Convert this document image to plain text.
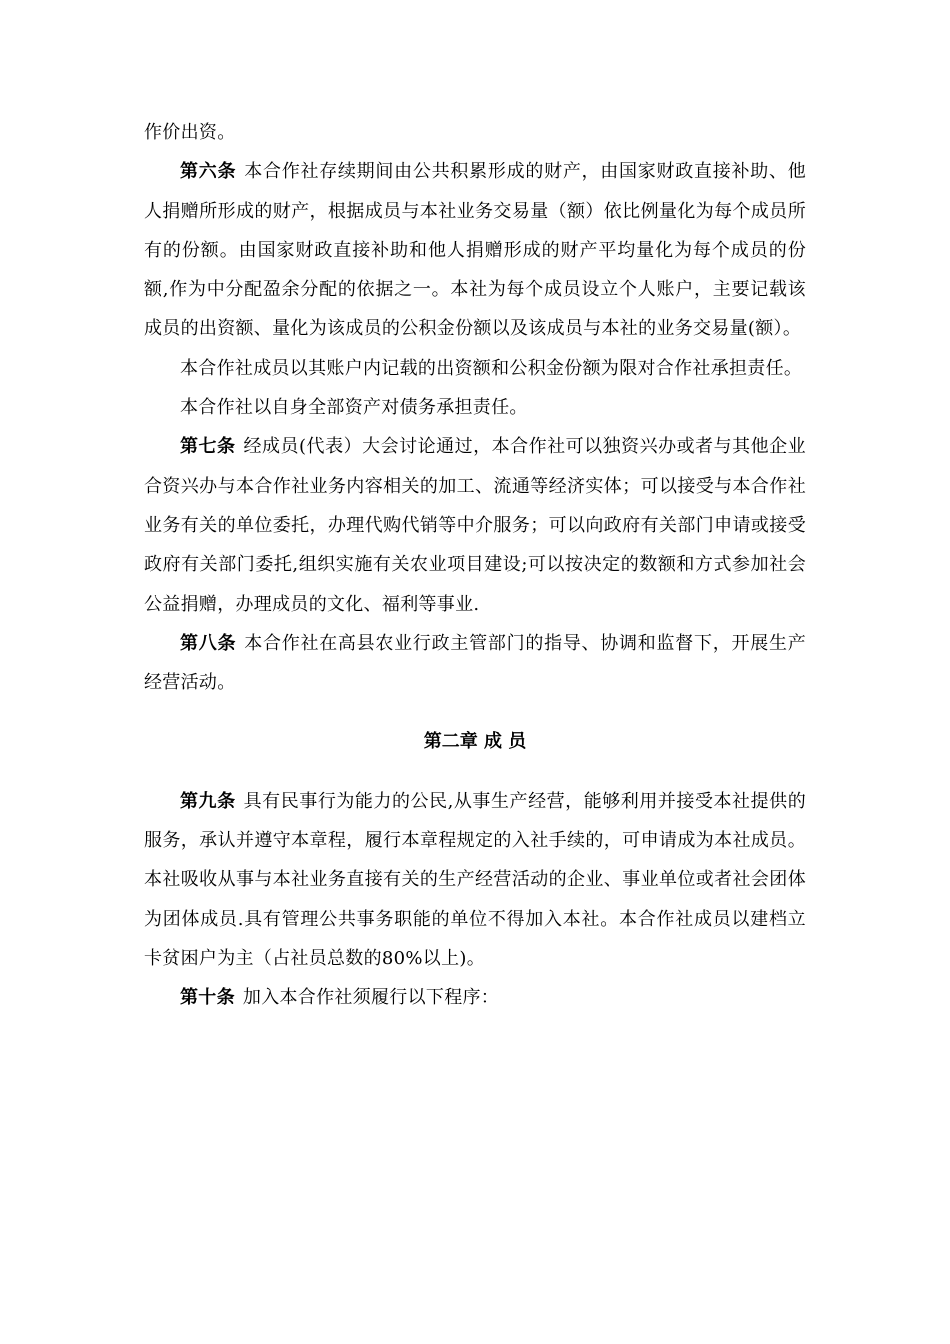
作价出资。

第六条 本合作社存续期间由公共积累形成的财产，由国家财政直接补助、他人捐赠所形成的财产，根据成员与本社业务交易量（额）依比例量化为每个成员所有的份额。由国家财政直接补助和他人捐赠形成的财产平均量化为每个成员的份额,作为中分配盈余分配的依据之一。本社为每个成员设立个人账户，主要记载该成员的出资额、量化为该成员的公积金份额以及该成员与本社的业务交易量(额）。

本合作社成员以其账户内记载的出资额和公积金份额为限对合作社承担责任。

本合作社以自身全部资产对债务承担责任。

第七条 经成员(代表）大会讨论通过，本合作社可以独资兴办或者与其他企业合资兴办与本合作社业务内容相关的加工、流通等经济实体；可以接受与本合作社业务有关的单位委托，办理代购代销等中介服务；可以向政府有关部门申请或接受政府有关部门委托,组织实施有关农业项目建设;可以按决定的数额和方式参加社会公益捐赠，办理成员的文化、福利等事业.

第八条 本合作社在高县农业行政主管部门的指导、协调和监督下，开展生产经营活动。

第二章 成 员

第九条 具有民事行为能力的公民,从事生产经营，能够利用并接受本社提供的服务，承认并遵守本章程，履行本章程规定的入社手续的，可申请成为本社成员。本社吸收从事与本社业务直接有关的生产经营活动的企业、事业单位或者社会团体为团体成员.具有管理公共事务职能的单位不得加入本社。本合作社成员以建档立卡贫困户为主（占社员总数的80%以上)。

第十条 加入本合作社须履行以下程序：
